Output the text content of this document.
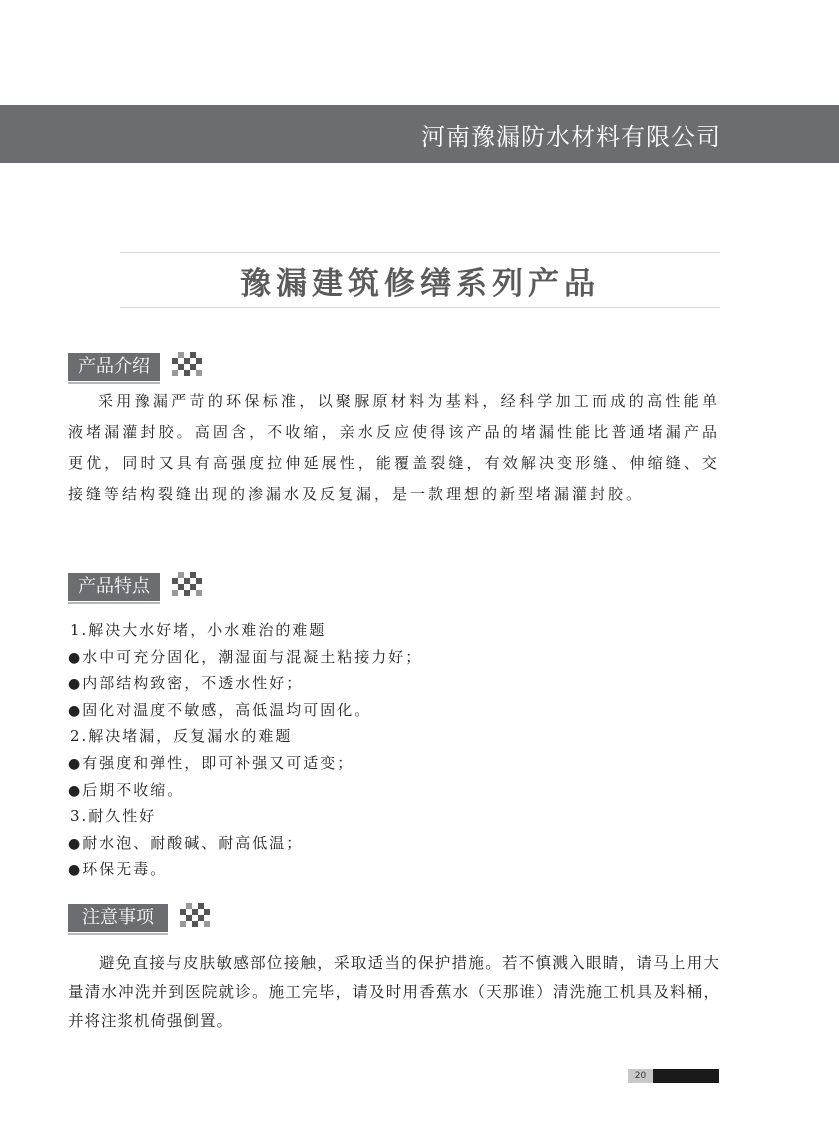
河南豫漏防水材料有限公司
豫漏建筑修缮系列产品
产品介绍

采用豫漏严苛的环保标准，以聚脲原材料为基料，经科学加工而成的高性能单液堵漏灌封胶。高固含，不收缩，亲水反应使得该产品的堵漏性能比普通堵漏产品更优，同时又具有高强度拉伸延展性，能覆盖裂缝，有效解决变形缝、伸缩缝、交接缝等结构裂缝出现的渗漏水及反复漏，是一款理想的新型堵漏灌封胶。

产品特点
1.解决大水好堵，小水难治的难题
● 水中可充分固化，潮湿面与混凝土粘接力好；
● 内部结构致密，不透水性好；
● 固化对温度不敏感，高低温均可固化。
2.解决堵漏，反复漏水的难题
● 有强度和弹性，即可补强又可适变；
● 后期不收缩。
3.耐久性好
● 耐水泡、耐酸碱、耐高低温；
● 环保无毒。
注意事项

避免直接与皮肤敏感部位接触，采取适当的保护措施。若不慎溅入眼睛，请马上用大量清水冲洗并到医院就诊。施工完毕，请及时用香蕉水（天那谁）清洗施工机具及料桶，并将注浆机倚强倒置。

20
